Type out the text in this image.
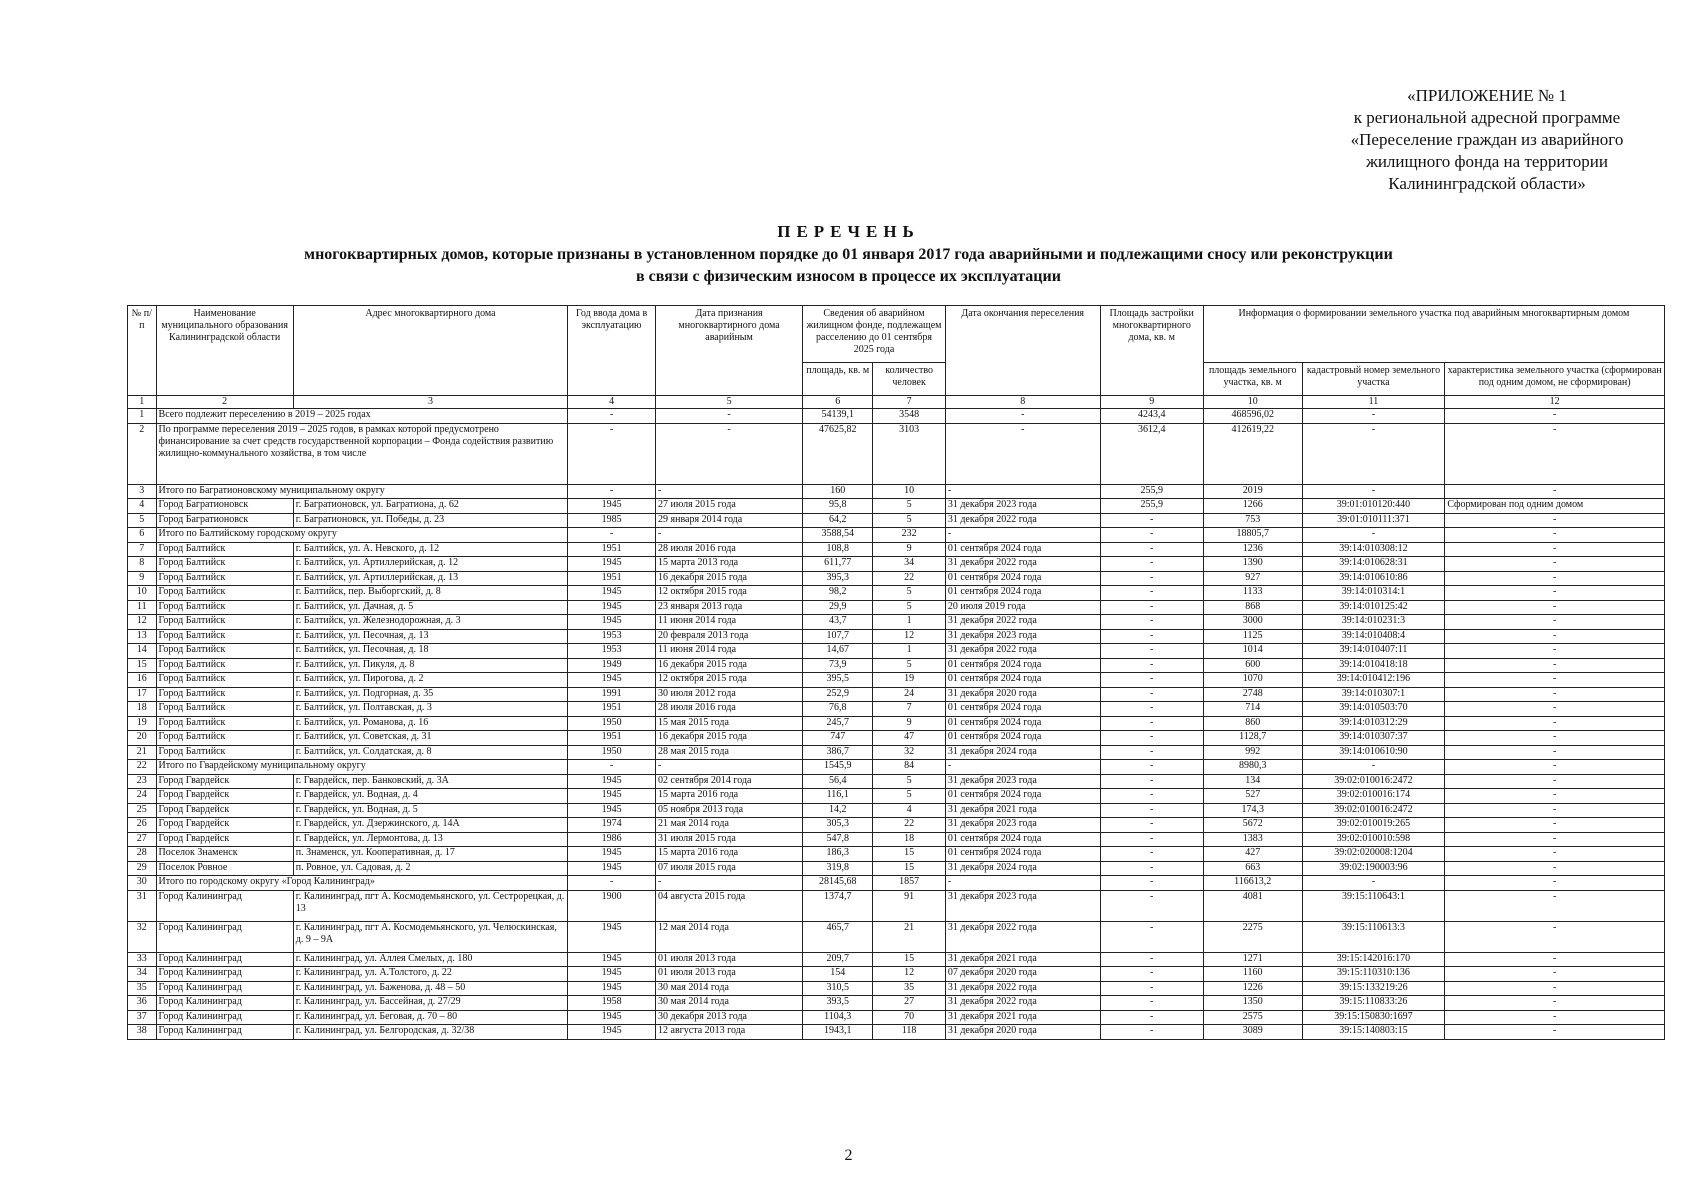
«ПРИЛОЖЕНИЕ № 1
к региональной адресной программе
«Переселение граждан из аварийного
жилищного фонда на территории
Калининградской области»
ПЕРЕЧЕНЬ
многоквартирных домов, которые признаны в установленном порядке до 01 января 2017 года аварийными и подлежащими сносу или реконструкции
в связи с физическим износом в процессе их эксплуатации
№ п/п	Наименование муниципального образования Калининградской области	Адрес многоквартирного дома	Год ввода дома в эксплуатацию	Дата признания многоквартирного дома аварийным	Сведения об аварийном жилищном фонде, подлежащем расселению до 01 сентября 2025 года		Дата окончания переселения	Площадь застройки многоквартирного дома, кв. м	Информация о формировании земельного участка под аварийным многоквартирным домом		
					площадь, кв. м	количество человек			площадь земельного участка, кв. м	кадастровый номер земельного участка	характеристика земельного участка (сформирован под одним домом, не сформирован)
1	2	3	4	5	6	7	8	9	10	11	12
1	Всего подлежит переселению в 2019 – 2025 годах		-	-	54139,1	3548	-	4243,4	468596,02	-	-
2	По программе переселения 2019 – 2025 годов, в рамках которой предусмотрено финансирование за счет средств государственной корпорации – Фонда содействия развитию жилищно-коммунального хозяйства, в том числе		-	-	47625,82	3103	-	3612,4	412619,22	-	-
3	Итого по Багратионовскому муниципальному округу		-	-	160	10	-	255,9	2019	-	-
4	Город Багратионовск	г. Багратионовск, ул. Багратиона, д. 62	1945	27 июля 2015 года	95,8	5	31 декабря 2023 года	255,9	1266	39:01:010120:440	Сформирован под одним домом
5	Город Багратионовск	г. Багратионовск, ул. Победы, д. 23	1985	29 января 2014 года	64,2	5	31 декабря 2022 года	-	753	39:01:010111:371	-
6	Итого по Балтийскому городскому округу		-	-	3588,54	232	-	-	18805,7	-	-
7	Город Балтийск	г. Балтийск, ул. А. Невского, д. 12	1951	28 июля 2016 года	108,8	9	01 сентября 2024 года	-	1236	39:14:010308:12	-
8	Город Балтийск	г. Балтийск, ул. Артиллерийская, д. 12	1945	15 марта 2013 года	611,77	34	31 декабря 2022 года	-	1390	39:14:010628:31	-
9	Город Балтийск	г. Балтийск, ул. Артиллерийская, д. 13	1951	16 декабря 2015 года	395,3	22	01 сентября 2024 года	-	927	39:14:010610:86	-
10	Город Балтийск	г. Балтийск, пер. Выборгский, д. 8	1945	12 октября 2015 года	98,2	5	01 сентября 2024 года	-	1133	39:14:010314:1	-
11	Город Балтийск	г. Балтийск, ул. Дачная, д. 5	1945	23 января 2013 года	29,9	5	20 июля 2019 года	-	868	39:14:010125:42	-
12	Город Балтийск	г. Балтийск, ул. Железнодорожная, д. 3	1945	11 июня 2014 года	43,7	1	31 декабря 2022 года	-	3000	39:14:010231:3	-
13	Город Балтийск	г. Балтийск, ул. Песочная, д. 13	1953	20 февраля 2013 года	107,7	12	31 декабря 2023 года	-	1125	39:14:010408:4	-
14	Город Балтийск	г. Балтийск, ул. Песочная, д. 18	1953	11 июня 2014 года	14,67	1	31 декабря 2022 года	-	1014	39:14:010407:11	-
15	Город Балтийск	г. Балтийск, ул. Пикуля, д. 8	1949	16 декабря 2015 года	73,9	5	01 сентября 2024 года	-	600	39:14:010418:18	-
16	Город Балтийск	г. Балтийск, ул. Пирогова, д. 2	1945	12 октября 2015 года	395,5	19	01 сентября 2024 года	-	1070	39:14:010412:196	-
17	Город Балтийск	г. Балтийск, ул. Подгорная, д. 35	1991	30 июля 2012 года	252,9	24	31 декабря 2020 года	-	2748	39:14:010307:1	-
18	Город Балтийск	г. Балтийск, ул. Полтавская, д. 3	1951	28 июля 2016 года	76,8	7	01 сентября 2024 года	-	714	39:14:010503:70	-
19	Город Балтийск	г. Балтийск, ул. Романова, д. 16	1950	15 мая 2015 года	245,7	9	01 сентября 2024 года	-	860	39:14:010312:29	-
20	Город Балтийск	г. Балтийск, ул. Советская, д. 31	1951	16 декабря 2015 года	747	47	01 сентября 2024 года	-	1128,7	39:14:010307:37	-
21	Город Балтийск	г. Балтийск, ул. Солдатская, д. 8	1950	28 мая 2015 года	386,7	32	31 декабря 2024 года	-	992	39:14:010610:90	-
22	Итого по Гвардейскому муниципальному округу		-	-	1545,9	84	-	-	8980,3	-	-
23	Город Гвардейск	г. Гвардейск, пер. Банковский, д. 3А	1945	02 сентября 2014 года	56,4	5	31 декабря 2023 года	-	134	39:02:010016:2472	-
24	Город Гвардейск	г. Гвардейск, ул. Водная, д. 4	1945	15 марта 2016 года	116,1	5	01 сентября 2024 года	-	527	39:02:010016:174	-
25	Город Гвардейск	г. Гвардейск, ул. Водная, д. 5	1945	05 ноября 2013 года	14,2	4	31 декабря 2021 года	-	174,3	39:02:010016:2472	-
26	Город Гвардейск	г. Гвардейск, ул. Дзержинского, д. 14А	1974	21 мая 2014 года	305,3	22	31 декабря 2023 года	-	5672	39:02:010019:265	-
27	Город Гвардейск	г. Гвардейск, ул. Лермонтова, д. 13	1986	31 июля 2015 года	547,8	18	01 сентября 2024 года	-	1383	39:02:010010:598	-
28	Поселок Знаменск	п. Знаменск, ул. Кооперативная, д. 17	1945	15 марта 2016 года	186,3	15	01 сентября 2024 года	-	427	39:02:020008:1204	-
29	Поселок Ровное	п. Ровное, ул. Садовая, д. 2	1945	07 июля 2015 года	319,8	15	31 декабря 2024 года	-	663	39:02:190003:96	-
30	Итого по городскому округу «Город Калининград»		-	-	28145,68	1857	-	-	116613,2	-	-
31	Город Калининград	г. Калининград, пгт А. Космодемьянского, ул. Сестрорецкая, д. 13	1900	04 августа 2015 года	1374,7	91	31 декабря 2023 года	-	4081	39:15:110643:1	-
32	Город Калининград	г. Калининград, пгт А. Космодемьянского, ул. Челюскинская, д. 9 – 9А	1945	12 мая 2014 года	465,7	21	31 декабря 2022 года	-	2275	39:15:110613:3	-
33	Город Калининград	г. Калининград, ул. Аллея Смелых, д. 180	1945	01 июля 2013 года	209,7	15	31 декабря 2021 года	-	1271	39:15:142016:170	-
34	Город Калининград	г. Калининград, ул. А.Толстого, д. 22	1945	01 июля 2013 года	154	12	07 декабря 2020 года	-	1160	39:15:110310:136	-
35	Город Калининград	г. Калининград, ул. Баженова, д. 48 – 50	1945	30 мая 2014 года	310,5	35	31 декабря 2022 года	-	1226	39:15:133219:26	-
36	Город Калининград	г. Калининград, ул. Бассейная, д. 27/29	1958	30 мая 2014 года	393,5	27	31 декабря 2022 года	-	1350	39:15:110833:26	-
37	Город Калининград	г. Калининград, ул. Беговая, д. 70 – 80	1945	30 декабря 2013 года	1104,3	70	31 декабря 2021 года	-	2575	39:15:150830:1697	-
38	Город Калининград	г. Калининград, ул. Белгородская, д. 32/38	1945	12 августа 2013 года	1943,1	118	31 декабря 2020 года	-	3089	39:15:140803:15	-
2
